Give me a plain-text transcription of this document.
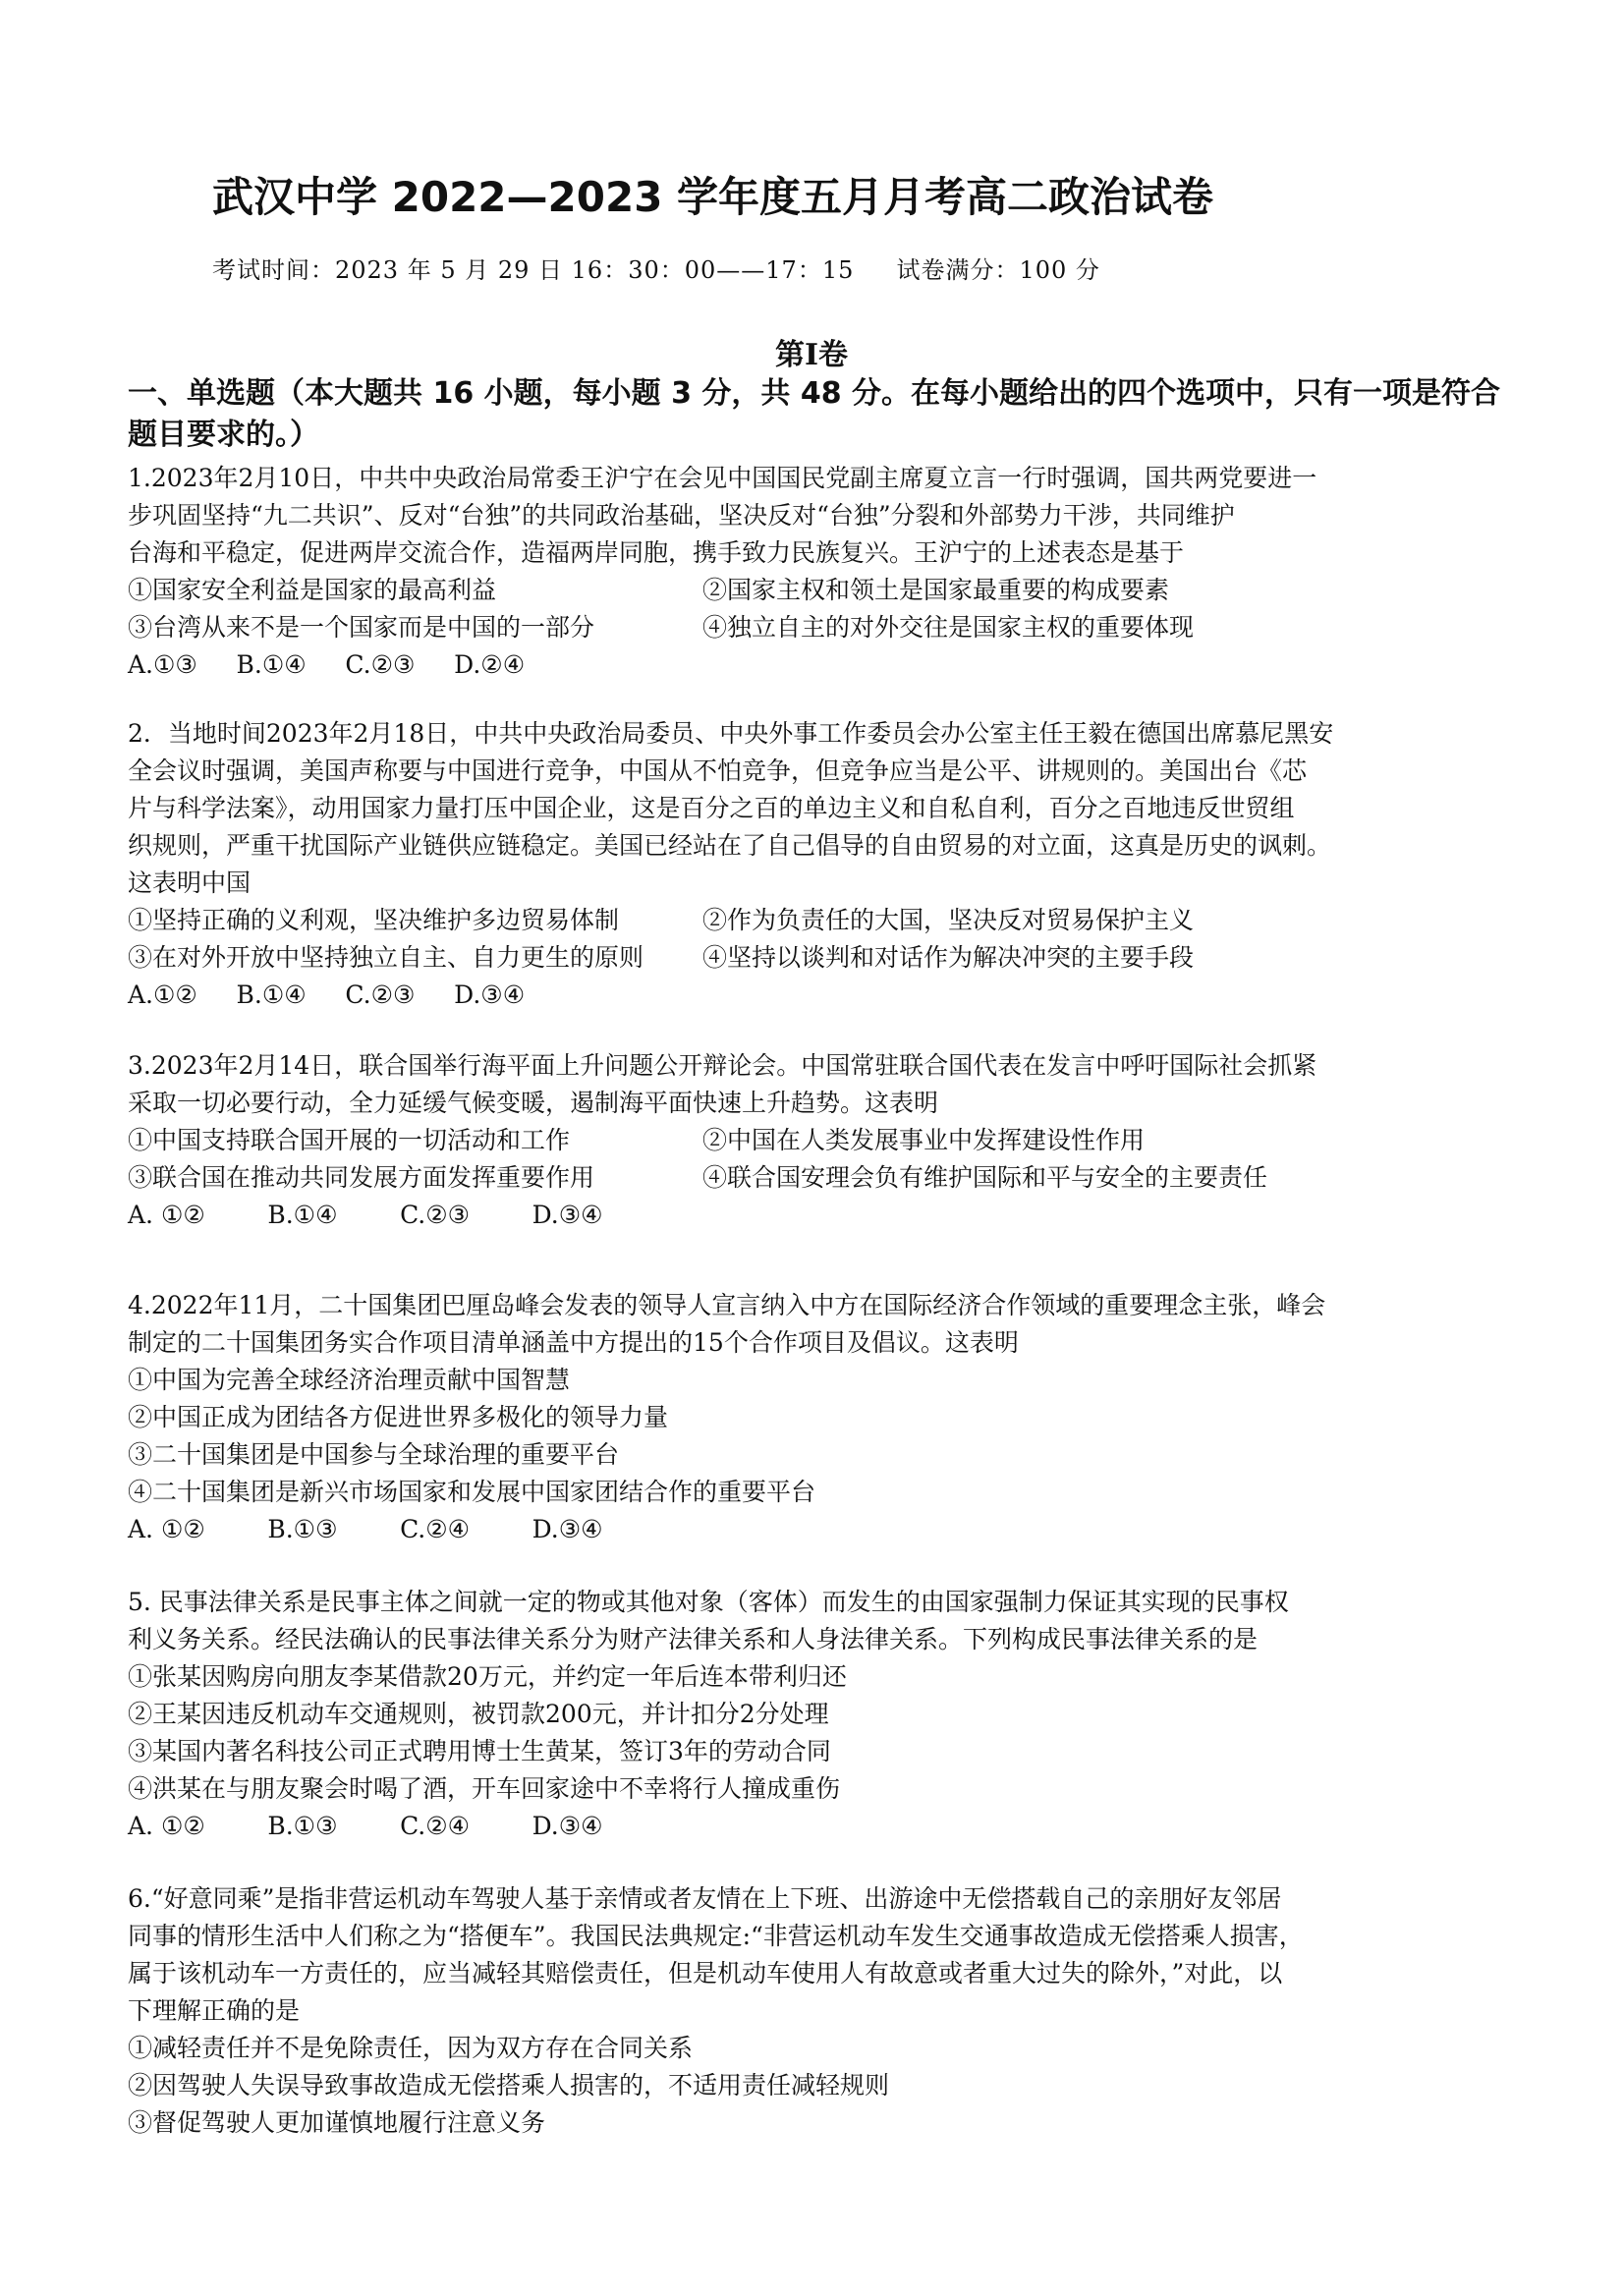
武汉中学 2022—2023 学年度五月月考高二政治试卷
考试时间：2023 年 5 月 29 日 16：30：00——17：15     试卷满分：100 分
第Ⅰ卷
一、单选题（本大题共 16 小题，每小题 3 分，共 48 分。在每小题给出的四个选项中，只有一项是符合题目要求的。）
1.2023年2月10日，中共中央政治局常委王沪宁在会见中国国民党副主席夏立言一行时强调，国共两党要进一
步巩固坚持“九二共识”、反对“台独”的共同政治基础，坚决反对“台独”分裂和外部势力干涉，共同维护
台海和平稳定，促进两岸交流合作，造福两岸同胞，携手致力民族复兴。王沪宁的上述表态是基于
①国家安全利益是国家的最高利益	②国家主权和领土是国家最重要的构成要素
③台湾从来不是一个国家而是中国的一部分	④独立自主的对外交往是国家主权的重要体现
A.①③     B.①④     C.②③     D.②④
2．当地时间2023年2月18日，中共中央政治局委员、中央外事工作委员会办公室主任王毅在德国出席慕尼黑安
全会议时强调，美国声称要与中国进行竞争，中国从不怕竞争，但竞争应当是公平、讲规则的。美国出台《芯
片与科学法案》，动用国家力量打压中国企业，这是百分之百的单边主义和自私自利，百分之百地违反世贸组
织规则，严重干扰国际产业链供应链稳定。美国已经站在了自己倡导的自由贸易的对立面，这真是历史的讽刺。
这表明中国
①坚持正确的义利观，坚决维护多边贸易体制	②作为负责任的大国，坚决反对贸易保护主义
③在对外开放中坚持独立自主、自力更生的原则	④坚持以谈判和对话作为解决冲突的主要手段
A.①②     B.①④     C.②③     D.③④
3.2023年2月14日，联合国举行海平面上升问题公开辩论会。中国常驻联合国代表在发言中呼吁国际社会抓紧
采取一切必要行动，全力延缓气候变暖，遏制海平面快速上升趋势。这表明
①中国支持联合国开展的一切活动和工作	②中国在人类发展事业中发挥建设性作用
③联合国在推动共同发展方面发挥重要作用	④联合国安理会负有维护国际和平与安全的主要责任
A. ①②        B.①④        C.②③        D.③④
4.2022年11月，二十国集团巴厘岛峰会发表的领导人宣言纳入中方在国际经济合作领域的重要理念主张，峰会
制定的二十国集团务实合作项目清单涵盖中方提出的15个合作项目及倡议。这表明
①中国为完善全球经济治理贡献中国智慧
②中国正成为团结各方促进世界多极化的领导力量
③二十国集团是中国参与全球治理的重要平台
④二十国集团是新兴市场国家和发展中国家团结合作的重要平台
A. ①②        B.①③        C.②④        D.③④
5. 民事法律关系是民事主体之间就一定的物或其他对象（客体）而发生的由国家强制力保证其实现的民事权
利义务关系。经民法确认的民事法律关系分为财产法律关系和人身法律关系。下列构成民事法律关系的是
①张某因购房向朋友李某借款20万元，并约定一年后连本带利归还
②王某因违反机动车交通规则，被罚款200元，并计扣分2分处理
③某国内著名科技公司正式聘用博士生黄某，签订3年的劳动合同
④洪某在与朋友聚会时喝了酒，开车回家途中不幸将行人撞成重伤
A. ①②        B.①③        C.②④        D.③④
6.“好意同乘”是指非营运机动车驾驶人基于亲情或者友情在上下班、出游途中无偿搭载自己的亲朋好友邻居
同事的情形生活中人们称之为“搭便车”。我国民法典规定:“非营运机动车发生交通事故造成无偿搭乘人损害，
属于该机动车一方责任的，应当减轻其赔偿责任，但是机动车使用人有故意或者重大过失的除外，”对此，以
下理解正确的是
①减轻责任并不是免除责任，因为双方存在合同关系
②因驾驶人失误导致事故造成无偿搭乘人损害的，不适用责任减轻规则
③督促驾驶人更加谨慎地履行注意义务
